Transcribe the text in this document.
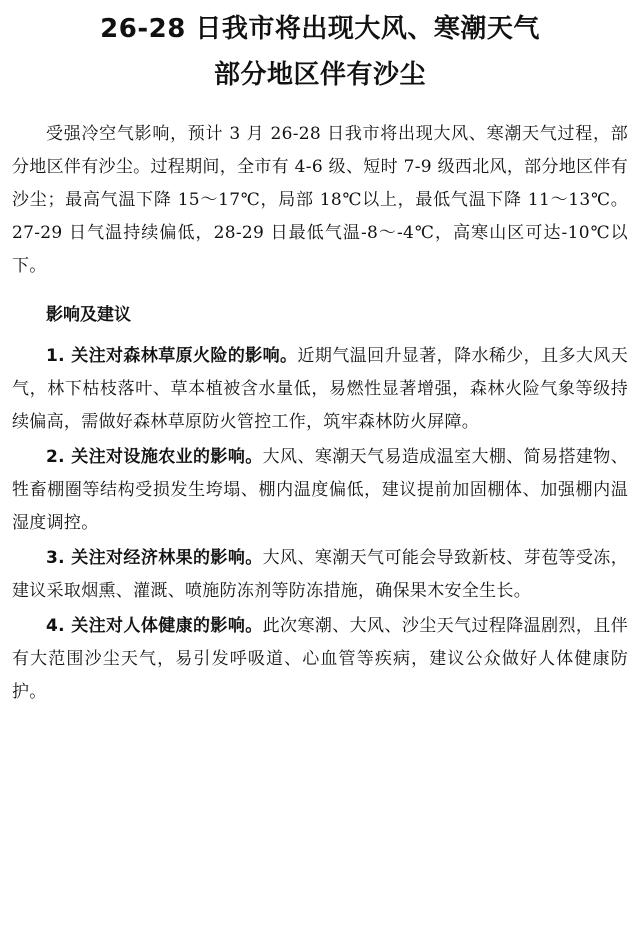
26-28 日我市将出现大风、寒潮天气
部分地区伴有沙尘

受强冷空气影响，预计 3 月 26-28 日我市将出现大风、寒潮天气过程，部分地区伴有沙尘。过程期间，全市有 4-6 级、短时 7-9 级西北风，部分地区伴有沙尘；最高气温下降 15～17℃，局部 18℃以上，最低气温下降 11～13℃。27-29 日气温持续偏低，28-29 日最低气温-8～-4℃，高寒山区可达-10℃以下。

影响及建议

1. 关注对森林草原火险的影响。近期气温回升显著，降水稀少，且多大风天气，林下枯枝落叶、草本植被含水量低，易燃性显著增强，森林火险气象等级持续偏高，需做好森林草原防火管控工作，筑牢森林防火屏障。

2. 关注对设施农业的影响。大风、寒潮天气易造成温室大棚、简易搭建物、牲畜棚圈等结构受损发生垮塌、棚内温度偏低，建议提前加固棚体、加强棚内温湿度调控。

3. 关注对经济林果的影响。大风、寒潮天气可能会导致新枝、芽苞等受冻，建议采取烟熏、灌溉、喷施防冻剂等防冻措施，确保果木安全生长。

4. 关注对人体健康的影响。此次寒潮、大风、沙尘天气过程降温剧烈，且伴有大范围沙尘天气，易引发呼吸道、心血管等疾病，建议公众做好人体健康防护。
